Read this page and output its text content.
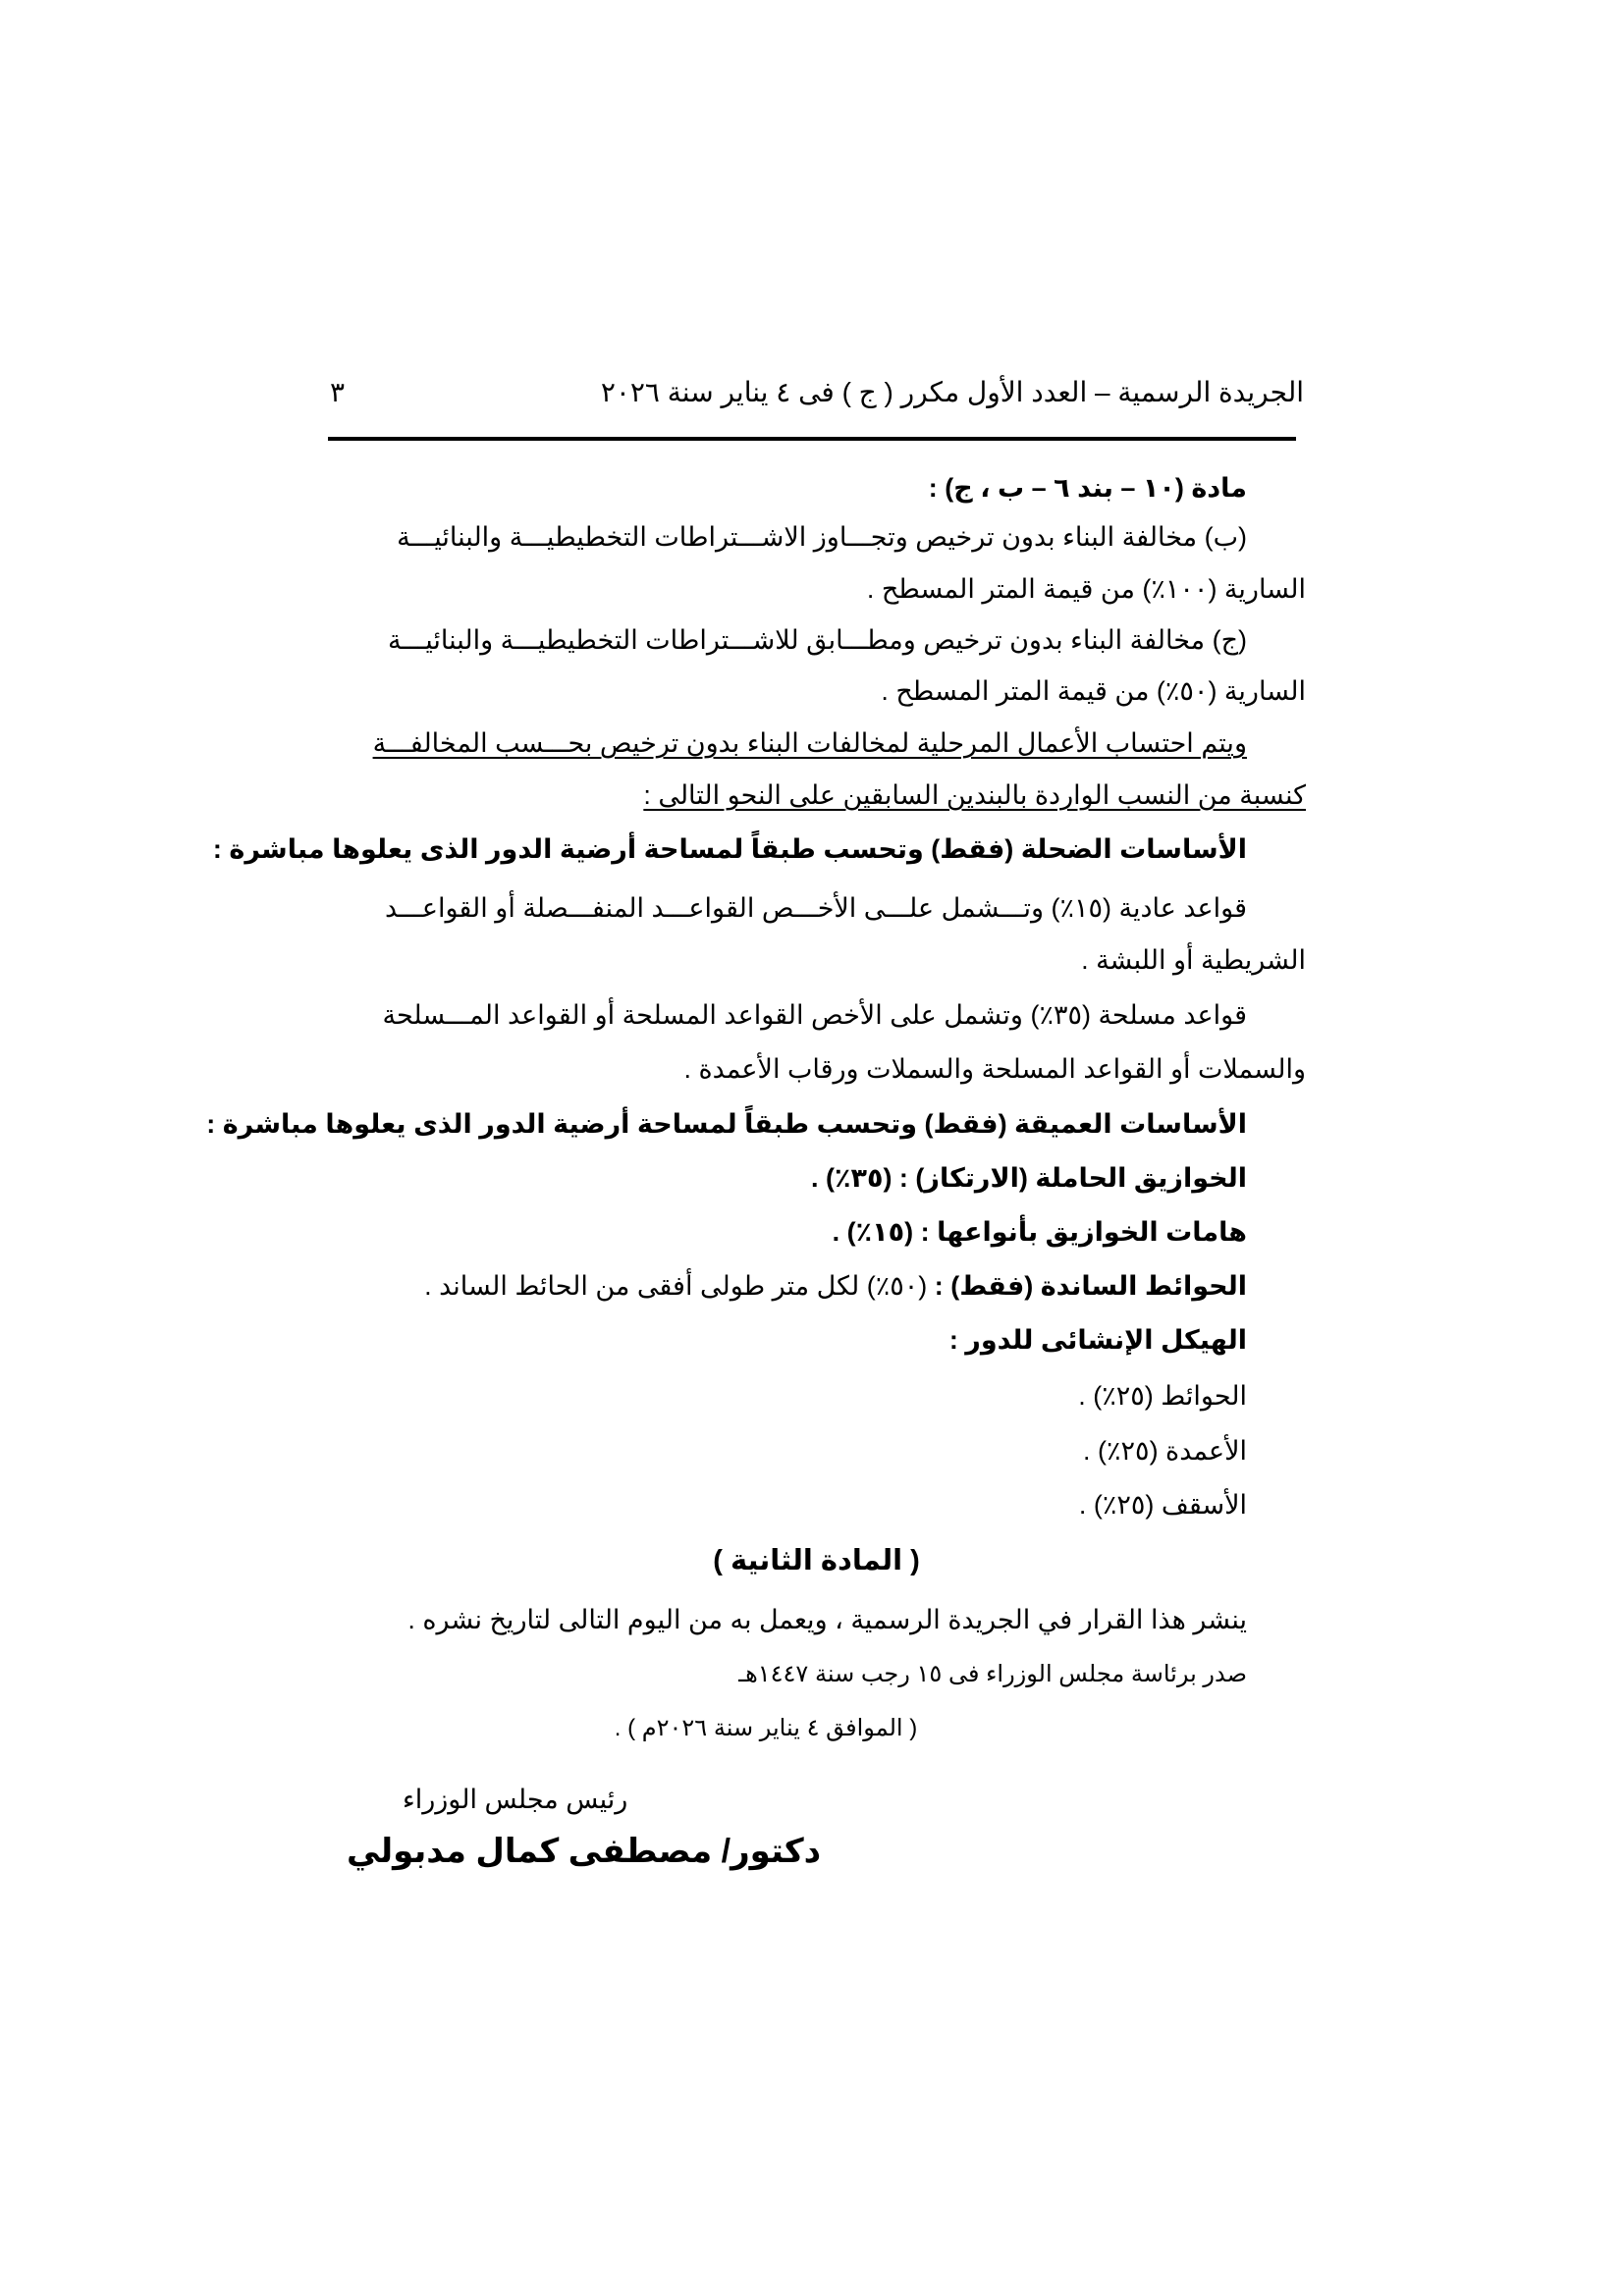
الجريدة الرسمية – العدد الأول مكرر ( ج ) فى ٤ يناير سنة ٢٠٢٦
٣
مادة (١٠ – بند ٦ – ب ، ج) :
(ب) مخالفة البناء بدون ترخيص وتجـــاوز الاشـــتراطات التخطيطيـــة والبنائيـــة
السارية (١٠٠٪) من قيمة المتر المسطح .
(ج) مخالفة البناء بدون ترخيص ومطـــابق للاشـــتراطات التخطيطيـــة والبنائيـــة
السارية (٥٠٪) من قيمة المتر المسطح .
ويتم احتساب الأعمال المرحلية لمخالفات البناء بدون ترخيص بحـــسب المخالفـــة
كنسبة من النسب الواردة بالبندين السابقين على النحو التالى :
الأساسات الضحلة (فقط) وتحسب طبقاً لمساحة أرضية الدور الذى يعلوها مباشرة :
قواعد عادية (١٥٪) وتـــشمل علـــى الأخـــص القواعـــد المنفـــصلة أو القواعـــد
الشريطية أو اللبشة .
قواعد مسلحة (٣٥٪) وتشمل على الأخص القواعد المسلحة أو القواعد المـــسلحة
والسملات أو القواعد المسلحة والسملات ورقاب الأعمدة .
الأساسات العميقة (فقط) وتحسب طبقاً لمساحة أرضية الدور الذى يعلوها مباشرة :
الخوازيق الحاملة (الارتكاز) : (٣٥٪) .
هامات الخوازيق بأنواعها : (١٥٪) .
الحوائط الساندة (فقط) : (٥٠٪) لكل متر طولى أفقى من الحائط الساند .
الهيكل الإنشائى للدور :
الحوائط (٢٥٪) .
الأعمدة (٢٥٪) .
الأسقف (٢٥٪) .
( المادة الثانية )
ينشر هذا القرار في الجريدة الرسمية ، ويعمل به من اليوم التالى لتاريخ نشره .
صدر برئاسة مجلس الوزراء فى ١٥ رجب سنة ١٤٤٧هـ
( الموافق ٤ يناير سنة ٢٠٢٦م ) .
رئيس مجلس الوزراء
دكتور/ مصطفى كمال مدبولي
